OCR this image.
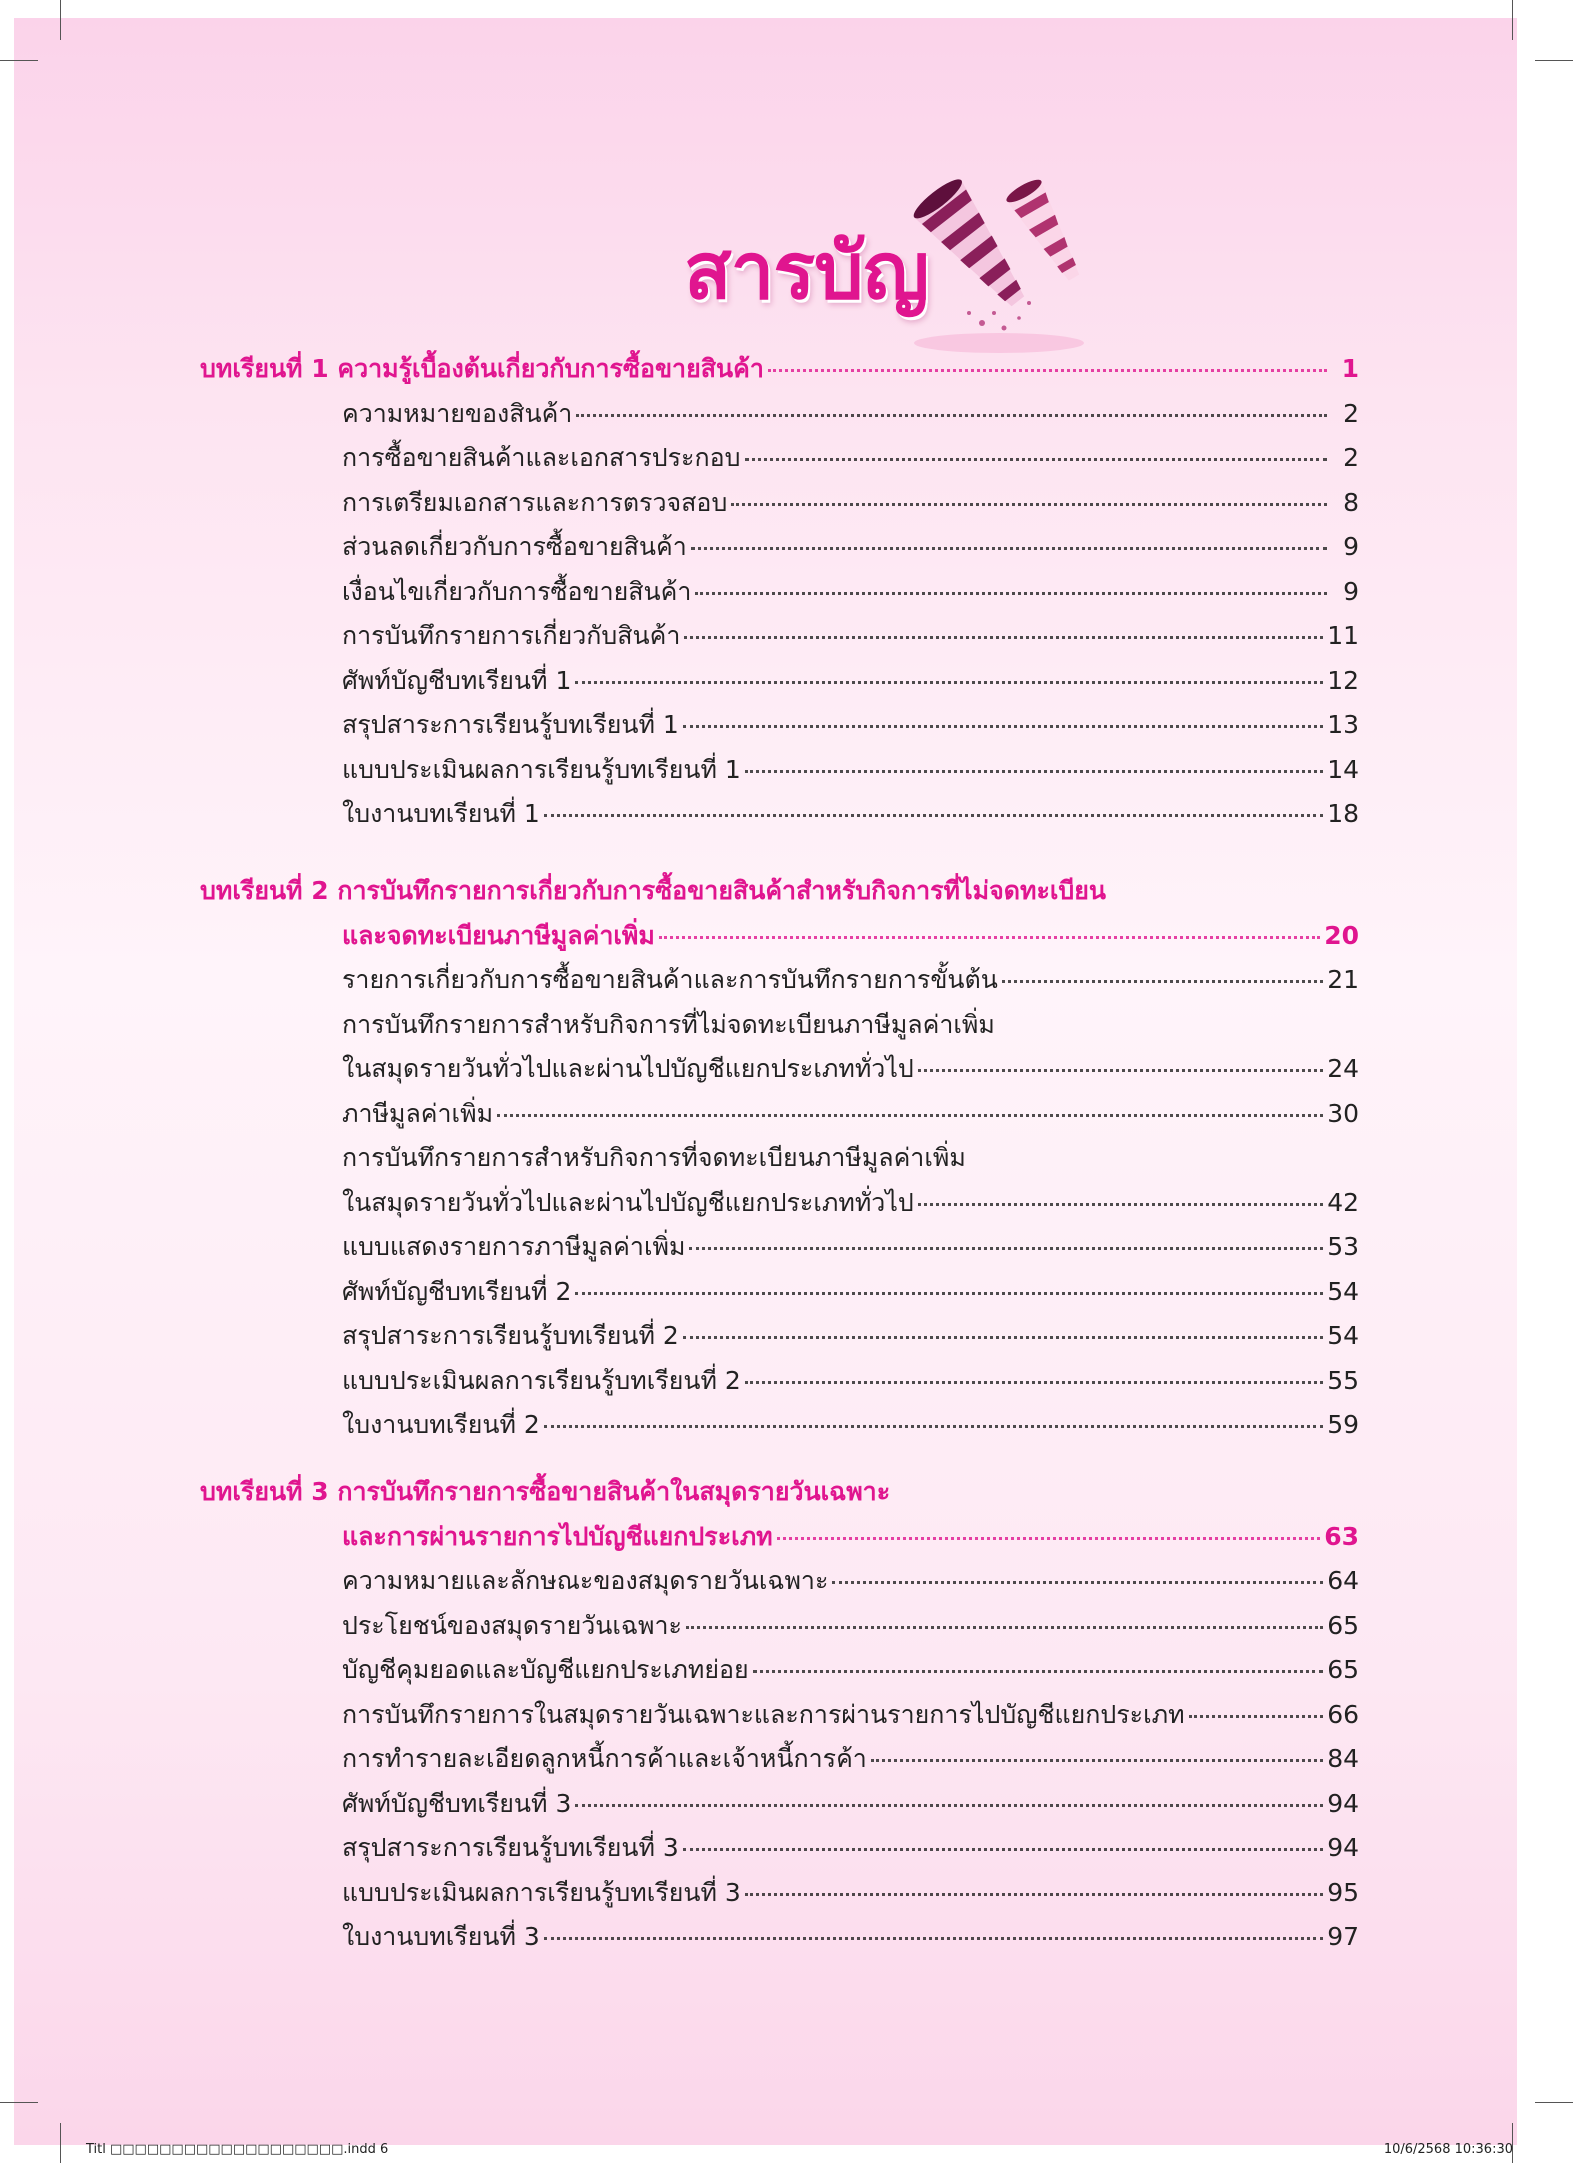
สารบัญ
บทเรียนที่ 1 ความรู้เบื้องต้นเกี่ยวกับการซื้อขายสินค้า	1
ความหมายของสินค้า	2
การซื้อขายสินค้าและเอกสารประกอบ	2
การเตรียมเอกสารและการตรวจสอบ	8
ส่วนลดเกี่ยวกับการซื้อขายสินค้า	9
เงื่อนไขเกี่ยวกับการซื้อขายสินค้า	9
การบันทึกรายการเกี่ยวกับสินค้า	11
ศัพท์บัญชีบทเรียนที่ 1	12
สรุปสาระการเรียนรู้บทเรียนที่ 1	13
แบบประเมินผลการเรียนรู้บทเรียนที่ 1	14
ใบงานบทเรียนที่ 1	18
บทเรียนที่ 2 การบันทึกรายการเกี่ยวกับการซื้อขายสินค้าสำหรับกิจการที่ไม่จดทะเบียน
และจดทะเบียนภาษีมูลค่าเพิ่ม	20
รายการเกี่ยวกับการซื้อขายสินค้าและการบันทึกรายการขั้นต้น	21
การบันทึกรายการสำหรับกิจการที่ไม่จดทะเบียนภาษีมูลค่าเพิ่ม
ในสมุดรายวันทั่วไปและผ่านไปบัญชีแยกประเภททั่วไป	24
ภาษีมูลค่าเพิ่ม	30
การบันทึกรายการสำหรับกิจการที่จดทะเบียนภาษีมูลค่าเพิ่ม
ในสมุดรายวันทั่วไปและผ่านไปบัญชีแยกประเภททั่วไป	42
แบบแสดงรายการภาษีมูลค่าเพิ่ม	53
ศัพท์บัญชีบทเรียนที่ 2	54
สรุปสาระการเรียนรู้บทเรียนที่ 2	54
แบบประเมินผลการเรียนรู้บทเรียนที่ 2	55
ใบงานบทเรียนที่ 2	59
บทเรียนที่ 3 การบันทึกรายการซื้อขายสินค้าในสมุดรายวันเฉพาะ
และการผ่านรายการไปบัญชีแยกประเภท	63
ความหมายและลักษณะของสมุดรายวันเฉพาะ	64
ประโยชน์ของสมุดรายวันเฉพาะ	65
บัญชีคุมยอดและบัญชีแยกประเภทย่อย	65
การบันทึกรายการในสมุดรายวันเฉพาะและการผ่านรายการไปบัญชีแยกประเภท	66
การทำรายละเอียดลูกหนี้การค้าและเจ้าหนี้การค้า	84
ศัพท์บัญชีบทเรียนที่ 3	94
สรุปสาระการเรียนรู้บทเรียนที่ 3	94
แบบประเมินผลการเรียนรู้บทเรียนที่ 3	95
ใบงานบทเรียนที่ 3	97
Titl □□□□□□□□□□□□□□□□□□□.indd 6	10/6/2568 10:36:30
